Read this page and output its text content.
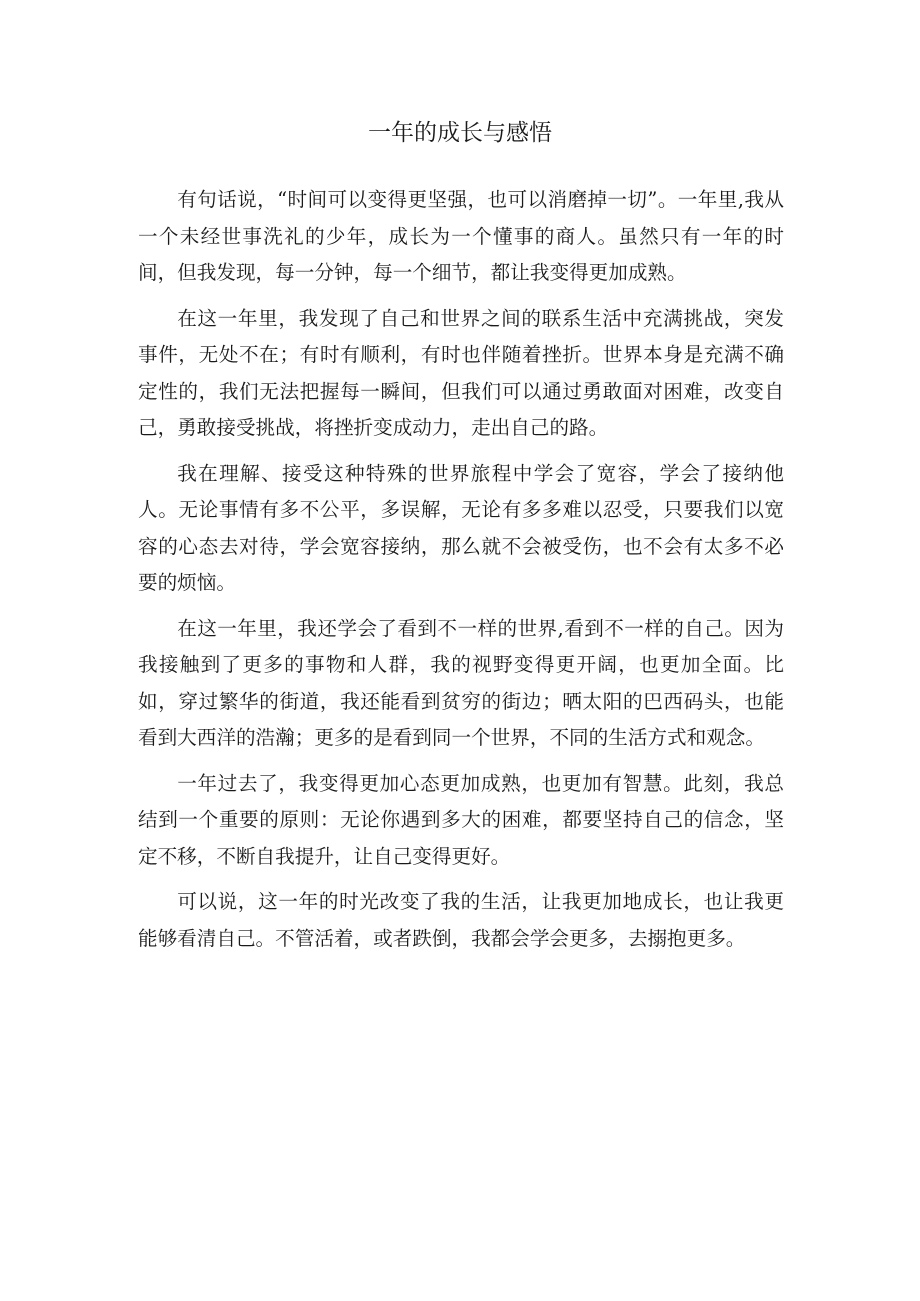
一年的成长与感悟

有句话说，“时间可以变得更坚强，也可以消磨掉一切”。一年里,我从一个未经世事洗礼的少年，成长为一个懂事的商人。虽然只有一年的时间，但我发现，每一分钟，每一个细节，都让我变得更加成熟。

在这一年里，我发现了自己和世界之间的联系生活中充满挑战，突发事件，无处不在；有时有顺利，有时也伴随着挫折。世界本身是充满不确定性的，我们无法把握每一瞬间，但我们可以通过勇敢面对困难，改变自己，勇敢接受挑战，将挫折变成动力，走出自己的路。

我在理解、接受这种特殊的世界旅程中学会了宽容，学会了接纳他人。无论事情有多不公平，多误解，无论有多多难以忍受，只要我们以宽容的心态去对待，学会宽容接纳，那么就不会被受伤，也不会有太多不必要的烦恼。

在这一年里，我还学会了看到不一样的世界,看到不一样的自己。因为我接触到了更多的事物和人群，我的视野变得更开阔，也更加全面。比如，穿过繁华的街道，我还能看到贫穷的街边；晒太阳的巴西码头，也能看到大西洋的浩瀚；更多的是看到同一个世界，不同的生活方式和观念。

一年过去了，我变得更加心态更加成熟，也更加有智慧。此刻，我总结到一个重要的原则：无论你遇到多大的困难，都要坚持自己的信念，坚定不移，不断自我提升，让自己变得更好。

可以说，这一年的时光改变了我的生活，让我更加地成长，也让我更能够看清自己。不管活着，或者跌倒，我都会学会更多，去搦抱更多。
